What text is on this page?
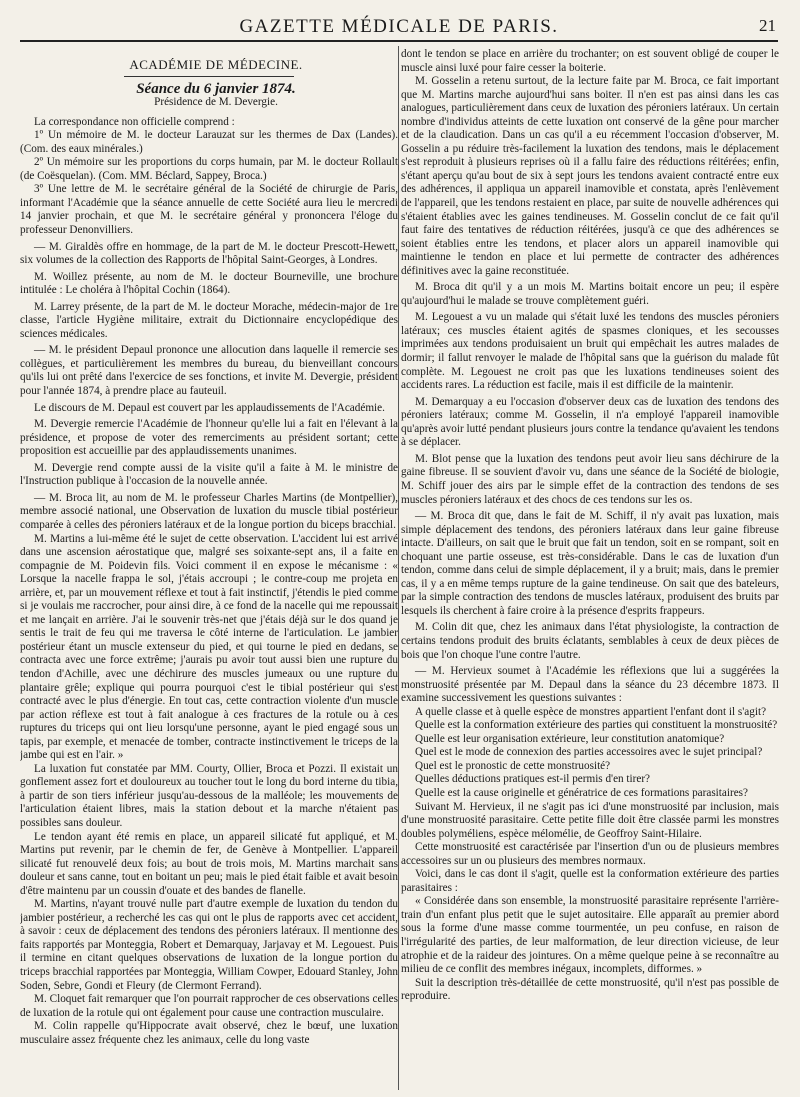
GAZETTE MÉDICALE DE PARIS.	21

ACADÉMIE DE MÉDECINE.

Séance du 6 janvier 1874.

Présidence de M. Devergie.

La correspondance non officielle comprend :

1º Un mémoire de M. le docteur Larauzat sur les thermes de Dax (Landes). (Com. des eaux minérales.)

2º Un mémoire sur les proportions du corps humain, par M. le docteur Rollault (de Coësquelan). (Com. MM. Béclard, Sappey, Broca.)

3º Une lettre de M. le secrétaire général de la Société de chirurgie de Paris, informant l'Académie que la séance annuelle de cette Société aura lieu le mercredi 14 janvier prochain, et que M. le secrétaire général y prononcera l'éloge du professeur Denonvilliers.

— M. Giraldès offre en hommage, de la part de M. le docteur Prescott-Hewett, six volumes de la collection des Rapports de l'hôpital Saint-Georges, à Londres.

M. Woillez présente, au nom de M. le docteur Bourneville, une brochure intitulée : Le choléra à l'hôpital Cochin (1864).

M. Larrey présente, de la part de M. le docteur Morache, médecin-major de 1re classe, l'article Hygiène militaire, extrait du Dictionnaire encyclopédique des sciences médicales.

— M. le président Depaul prononce une allocution dans laquelle il remercie ses collègues, et particulièrement les membres du bureau, du bienveillant concours qu'ils lui ont prêté dans l'exercice de ses fonctions, et invite M. Devergie, président pour l'année 1874, à prendre place au fauteuil.

Le discours de M. Depaul est couvert par les applaudissements de l'Académie.

M. Devergie remercie l'Académie de l'honneur qu'elle lui a fait en l'élevant à la présidence, et propose de voter des remerciments au président sortant; cette proposition est accueillie par des applaudissements unanimes.

M. Devergie rend compte aussi de la visite qu'il a faite à M. le ministre de l'Instruction publique à l'occasion de la nouvelle année.

— M. Broca lit, au nom de M. le professeur Charles Martins (de Montpellier), membre associé national, une Observation de luxation du muscle tibial postérieur comparée à celles des péroniers latéraux et de la longue portion du biceps bracchial.

M. Martins a lui-même été le sujet de cette observation. L'accident lui est arrivé dans une ascension aérostatique que, malgré ses soixante-sept ans, il a faite en compagnie de M. Poidevin fils. Voici comment il en expose le mécanisme : « Lorsque la nacelle frappa le sol, j'étais accroupi ; le contre-coup me projeta en arrière, et, par un mouvement réflexe et tout à fait instinctif, j'étendis le pied comme si je voulais me raccrocher, pour ainsi dire, à ce fond de la nacelle qui me repoussait et me lançait en arrière. J'ai le souvenir très-net que j'étais déjà sur le dos quand je sentis le trait de feu qui me traversa le côté interne de l'articulation. Le jambier postérieur étant un muscle extenseur du pied, et qui tourne le pied en dedans, se contracta avec une force extrême; j'aurais pu avoir tout aussi bien une rupture du tendon d'Achille, avec une déchirure des muscles jumeaux ou une rupture du plantaire grêle; explique qui pourra pourquoi c'est le tibial postérieur qui s'est contracté avec le plus d'énergie. En tout cas, cette contraction violente d'un muscle par action réflexe est tout à fait analogue à ces fractures de la rotule ou à ces ruptures du triceps qui ont lieu lorsqu'une personne, ayant le pied engagé sous un tapis, par exemple, et menacée de tomber, contracte instinctivement le triceps de la jambe qui est en l'air. »

La luxation fut constatée par MM. Courty, Ollier, Broca et Pozzi. Il existait un gonflement assez fort et douloureux au toucher tout le long du bord interne du tibia, à partir de son tiers inférieur jusqu'au-dessous de la malléole; les mouvements de l'articulation étaient libres, mais la station debout et la marche n'étaient pas possibles sans douleur.

Le tendon ayant été remis en place, un appareil silicaté fut appliqué, et M. Martins put revenir, par le chemin de fer, de Genève à Montpellier. L'appareil silicaté fut renouvelé deux fois; au bout de trois mois, M. Martins marchait sans douleur et sans canne, tout en boitant un peu; mais le pied était faible et avait besoin d'être maintenu par un coussin d'ouate et des bandes de flanelle.

M. Martins, n'ayant trouvé nulle part d'autre exemple de luxation du tendon du jambier postérieur, a recherché les cas qui ont le plus de rapports avec cet accident, à savoir : ceux de déplacement des tendons des péroniers latéraux. Il mentionne des faits rapportés par Monteggia, Robert et Demarquay, Jarjavay et M. Legouest. Puis il termine en citant quelques observations de luxation de la longue portion du triceps bracchial rapportées par Monteggia, William Cowper, Edouard Stanley, John Soden, Sebre, Gondi et Fleury (de Clermont Ferrand).

M. Cloquet fait remarquer que l'on pourrait rapprocher de ces observations celles de luxation de la rotule qui ont également pour cause une contraction musculaire.

M. Colin rappelle qu'Hippocrate avait observé, chez le bœuf, une luxation musculaire assez fréquente chez les animaux, celle du long vaste

dont le tendon se place en arrière du trochanter; on est souvent obligé de couper le muscle ainsi luxé pour faire cesser la boiterie.

M. Gosselin a retenu surtout, de la lecture faite par M. Broca, ce fait important que M. Martins marche aujourd'hui sans boiter. Il n'en est pas ainsi dans les cas analogues, particulièrement dans ceux de luxation des péroniers latéraux. Un certain nombre d'individus atteints de cette luxation ont conservé de la gêne pour marcher et de la claudication. Dans un cas qu'il a eu récemment l'occasion d'observer, M. Gosselin a pu réduire très-facilement la luxation des tendons, mais le déplacement s'est reproduit à plusieurs reprises où il a fallu faire des réductions réitérées; enfin, s'étant aperçu qu'au bout de six à sept jours les tendons avaient contracté entre eux des adhérences, il appliqua un appareil inamovible et constata, après l'enlèvement de l'appareil, que les tendons restaient en place, par suite de nouvelle adhérences qui s'étaient établies avec les gaines tendineuses. M. Gosselin conclut de ce fait qu'il faut faire des tentatives de réduction réitérées, jusqu'à ce que des adhérences se soient établies entre les tendons, et placer alors un appareil inamovible qui maintienne le tendon en place et lui permette de contracter des adhérences définitives avec la gaine reconstituée.

M. Broca dit qu'il y a un mois M. Martins boitait encore un peu; il espère qu'aujourd'hui le malade se trouve complètement guéri.

M. Legouest a vu un malade qui s'était luxé les tendons des muscles péroniers latéraux; ces muscles étaient agités de spasmes cloniques, et les secousses imprimées aux tendons produisaient un bruit qui empêchait les autres malades de dormir; il fallut renvoyer le malade de l'hôpital sans que la guérison du malade fût complète. M. Legouest ne croit pas que les luxations tendineuses soient des accidents rares. La réduction est facile, mais il est difficile de la maintenir.

M. Demarquay a eu l'occasion d'observer deux cas de luxation des tendons des péroniers latéraux; comme M. Gosselin, il n'a employé l'appareil inamovible qu'après avoir lutté pendant plusieurs jours contre la tendance qu'avaient les tendons à se déplacer.

M. Blot pense que la luxation des tendons peut avoir lieu sans déchirure de la gaine fibreuse. Il se souvient d'avoir vu, dans une séance de la Société de biologie, M. Schiff jouer des airs par le simple effet de la contraction des tendons de ses muscles péroniers latéraux et des chocs de ces tendons sur les os.

— M. Broca dit que, dans le fait de M. Schiff, il n'y avait pas luxation, mais simple déplacement des tendons, des péroniers latéraux dans leur gaine fibreuse intacte. D'ailleurs, on sait que le bruit que fait un tendon, soit en se rompant, soit en choquant une partie osseuse, est très-considérable. Dans le cas de luxation d'un tendon, comme dans celui de simple déplacement, il y a bruit; mais, dans le premier cas, il y a en même temps rupture de la gaine tendineuse. On sait que des bateleurs, par la simple contraction des tendons de muscles latéraux, produisent des bruits par lesquels ils cherchent à faire croire à la présence d'esprits frappeurs.

M. Colin dit que, chez les animaux dans l'état physiologiste, la contraction de certains tendons produit des bruits éclatants, semblables à ceux de deux pièces de bois que l'on choque l'une contre l'autre.

— M. Hervieux soumet à l'Académie les réflexions que lui a suggérées la monstruosité présentée par M. Depaul dans la séance du 23 décembre 1873. Il examine successivement les questions suivantes :

A quelle classe et à quelle espèce de monstres appartient l'enfant dont il s'agit?

Quelle est la conformation extérieure des parties qui constituent la monstruosité?

Quelle est leur organisation extérieure, leur constitution anatomique?

Quel est le mode de connexion des parties accessoires avec le sujet principal?

Quel est le pronostic de cette monstruosité?

Quelles déductions pratiques est-il permis d'en tirer?

Quelle est la cause originelle et génératrice de ces formations parasitaires?

Suivant M. Hervieux, il ne s'agit pas ici d'une monstruosité par inclusion, mais d'une monstruosité parasitaire. Cette petite fille doit être classée parmi les monstres doubles polyméliens, espèce mélomélie, de Geoffroy Saint-Hilaire.

Cette monstruosité est caractérisée par l'insertion d'un ou de plusieurs membres accessoires sur un ou plusieurs des membres normaux.

Voici, dans le cas dont il s'agit, quelle est la conformation extérieure des parties parasitaires :

« Considérée dans son ensemble, la monstruosité parasitaire représente l'arrière-train d'un enfant plus petit que le sujet autositaire. Elle apparaît au premier abord sous la forme d'une masse comme tourmentée, un peu confuse, en raison de l'irrégularité des parties, de leur malformation, de leur direction vicieuse, de leur atrophie et de la raideur des jointures. On a même quelque peine à se reconnaître au milieu de ce conflit des membres inégaux, incomplets, difformes. »

Suit la description très-détaillée de cette monstruosité, qu'il n'est pas possible de reproduire.
